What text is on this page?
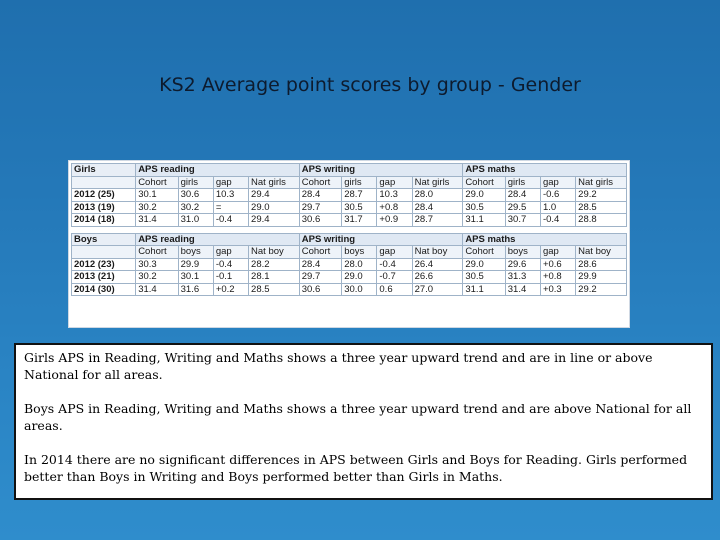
KS2 Average point scores by group - Gender
Girls	APS reading				APS writing				APS maths			
	Cohort	girls	gap	Nat girls	Cohort	girls	gap	Nat girls	Cohort	girls	gap	Nat girls
2012 (25)	30.1	30.6	10.3	29.4	28.4	28.7	10.3	28.0	29.0	28.4	-0.6	29.2
2013 (19)	30.2	30.2	=	29.0	29.7	30.5	+0.8	28.4	30.5	29.5	1.0	28.5
2014 (18)	31.4	31.0	-0.4	29.4	30.6	31.7	+0.9	28.7	31.1	30.7	-0.4	28.8

Boys	APS reading				APS writing				APS maths			
	Cohort	boys	gap	Nat boy	Cohort	boys	gap	Nat boy	Cohort	boys	gap	Nat boy
2012 (23)	30.3	29.9	-0.4	28.2	28.4	28.0	-0.4	26.4	29.0	29.6	+0.6	28.6
2013 (21)	30.2	30.1	-0.1	28.1	29.7	29.0	-0.7	26.6	30.5	31.3	+0.8	29.9
2014 (30)	31.4	31.6	+0.2	28.5	30.6	30.0	0.6	27.0	31.1	31.4	+0.3	29.2

Girls APS in Reading, Writing and Maths shows a three year upward trend and are in line or above National for all areas.

Boys APS in Reading, Writing and Maths shows a three year upward trend and are above National for all areas.

In 2014 there are no significant differences in APS between Girls and Boys for Reading. Girls performed better than Boys in Writing and Boys performed better than Girls in Maths.
